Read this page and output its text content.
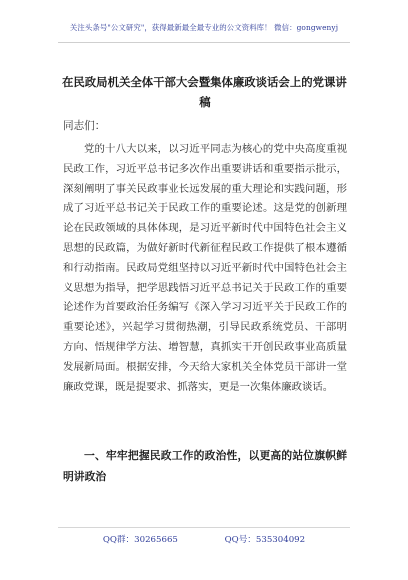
关注头条号"公文研究"，获得最新最全最专业的公文资料库！ 微信：gongwenyj
在民政局机关全体干部大会暨集体廉政谈话会上的党课讲
稿
同志们：

党的十八大以来，以习近平同志为核心的党中央高度重视民政工作，习近平总书记多次作出重要讲话和重要指示批示，深刻阐明了事关民政事业长远发展的重大理论和实践问题，形成了习近平总书记关于民政工作的重要论述。这是党的创新理论在民政领域的具体体现，是习近平新时代中国特色社会主义思想的民政篇，为做好新时代新征程民政工作提供了根本遵循和行动指南。民政局党组坚持以习近平新时代中国特色社会主义思想为指导，把学思践悟习近平总书记关于民政工作的重要论述作为首要政治任务编写《深入学习习近平关于民政工作的重要论述》，兴起学习贯彻热潮，引导民政系统党员、干部明方向、悟规律学方法、增智慧，真抓实干开创民政事业高质量发展新局面。根据安排，今天给大家机关全体党员干部讲一堂廉政党课，既是提要求、抓落实，更是一次集体廉政谈话。

一、牢牢把握民政工作的政治性，以更高的站位旗帜鲜明讲政治

QQ群：30265665	QQ号：535304092
